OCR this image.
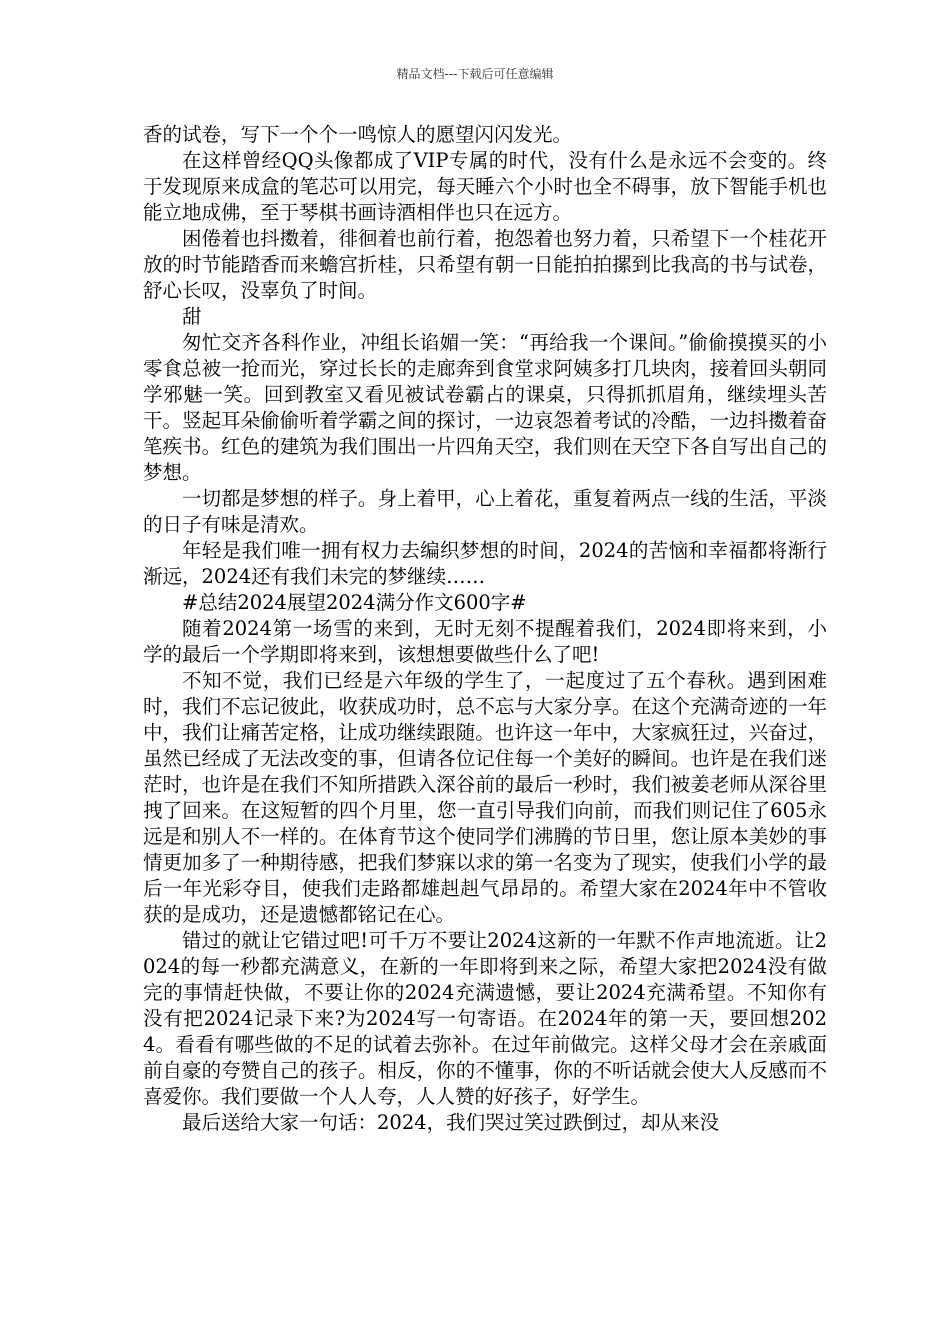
精品文档---下载后可任意编辑

香的试卷，写下一个个一鸣惊人的愿望闪闪发光。

在这样曾经QQ头像都成了VIP专属的时代，没有什么是永远不会变的。终于发现原来成盒的笔芯可以用完，每天睡六个小时也全不碍事，放下智能手机也能立地成佛，至于琴棋书画诗酒相伴也只在远方。

困倦着也抖擞着，徘徊着也前行着，抱怨着也努力着，只希望下一个桂花开放的时节能踏香而来蟾宫折桂，只希望有朝一日能拍拍摞到比我高的书与试卷，舒心长叹，没辜负了时间。

甜

匆忙交齐各科作业，冲组长谄媚一笑：“再给我一个课间。”偷偷摸摸买的小零食总被一抢而光，穿过长长的走廊奔到食堂求阿姨多打几块肉，接着回头朝同学邪魅一笑。回到教室又看见被试卷霸占的课桌，只得抓抓眉角，继续埋头苦干。竖起耳朵偷偷听着学霸之间的探讨，一边哀怨着考试的冷酷，一边抖擞着奋笔疾书。红色的建筑为我们围出一片四角天空，我们则在天空下各自写出自己的梦想。

一切都是梦想的样子。身上着甲，心上着花，重复着两点一线的生活，平淡的日子有味是清欢。

年轻是我们唯一拥有权力去编织梦想的时间，2024的苦恼和幸福都将渐行渐远，2024还有我们未完的梦继续……

#总结2024展望2024满分作文600字#

随着2024第一场雪的来到，无时无刻不提醒着我们，2024即将来到，小学的最后一个学期即将来到，该想想要做些什么了吧!

不知不觉，我们已经是六年级的学生了，一起度过了五个春秋。遇到困难时，我们不忘记彼此，收获成功时，总不忘与大家分享。在这个充满奇迹的一年中，我们让痛苦定格，让成功继续跟随。也许这一年中，大家疯狂过，兴奋过，虽然已经成了无法改变的事，但请各位记住每一个美好的瞬间。也许是在我们迷茫时，也许是在我们不知所措跌入深谷前的最后一秒时，我们被姜老师从深谷里拽了回来。在这短暂的四个月里，您一直引导我们向前，而我们则记住了605永远是和别人不一样的。在体育节这个使同学们沸腾的节日里，您让原本美妙的事情更加多了一种期待感，把我们梦寐以求的第一名变为了现实，使我们小学的最后一年光彩夺目，使我们走路都雄赳赳气昂昂的。希望大家在2024年中不管收获的是成功，还是遗憾都铭记在心。

错过的就让它错过吧!可千万不要让2024这新的一年默不作声地流逝。让2024的每一秒都充满意义，在新的一年即将到来之际，希望大家把2024没有做完的事情赶快做，不要让你的2024充满遗憾，要让2024充满希望。不知你有没有把2024记录下来?为2024写一句寄语。在2024年的第一天，要回想2024。看看有哪些做的不足的试着去弥补。在过年前做完。这样父母才会在亲戚面前自豪的夸赞自己的孩子。相反，你的不懂事，你的不听话就会使大人反感而不喜爱你。我们要做一个人人夸，人人赞的好孩子，好学生。

最后送给大家一句话：2024，我们哭过笑过跌倒过，却从来没
